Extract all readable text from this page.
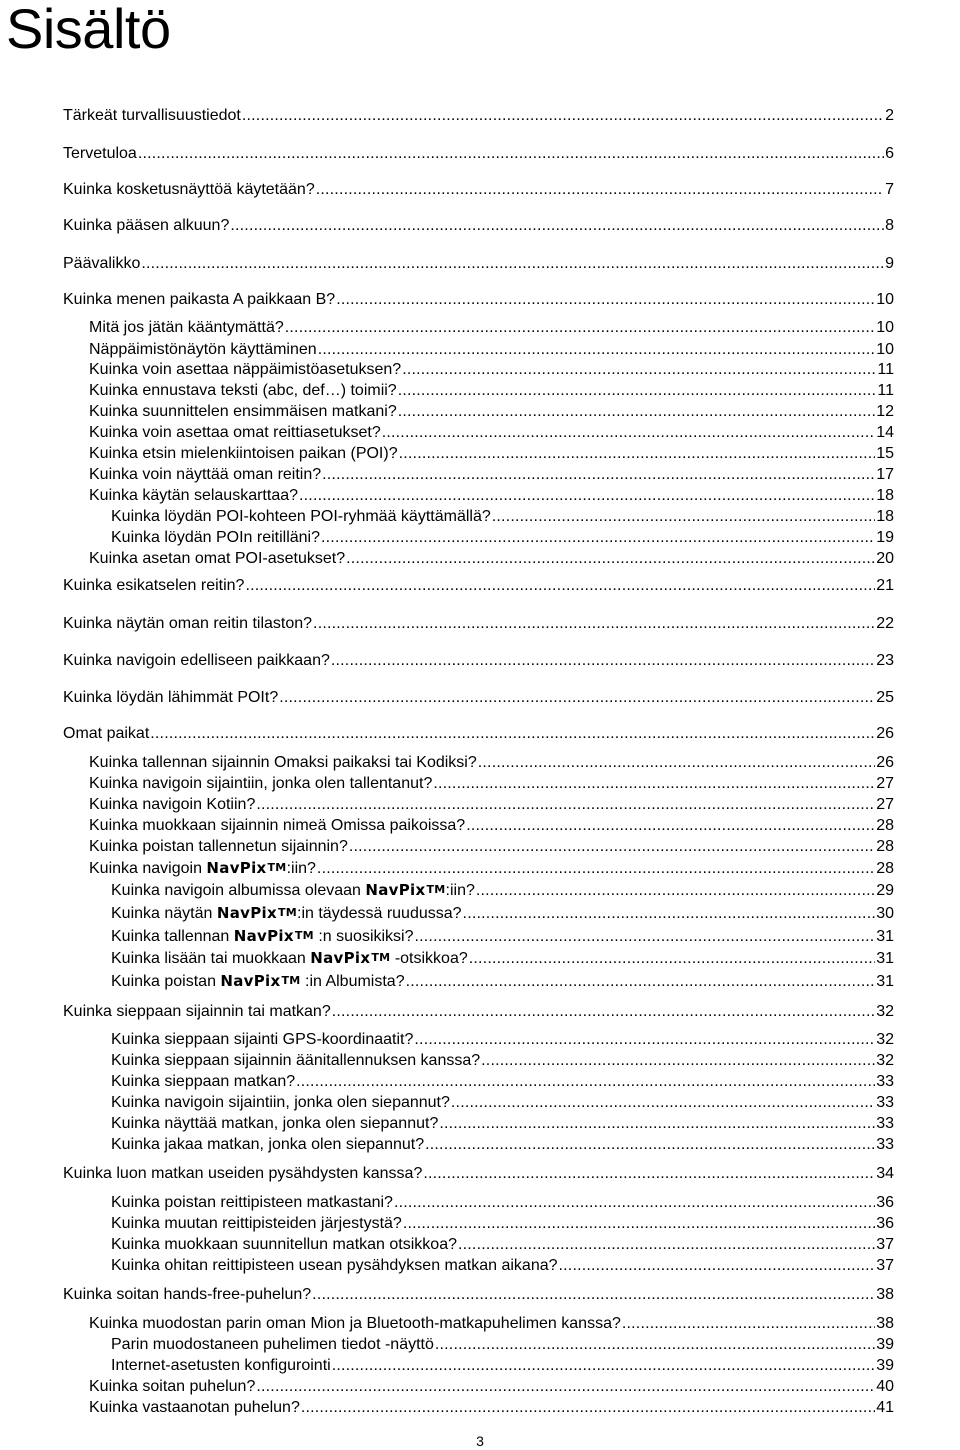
Sisältö
Tärkeät turvallisuustiedot .....	2
Tervetuloa .....	6
Kuinka kosketusnäyttöä käytetään? .....	7
Kuinka pääsen alkuun? .....	8
Päävalikko .....	9
Kuinka menen paikasta A paikkaan B? .....	10
Mitä jos jätän kääntymättä? .....	10
Näppäimistönäytön käyttäminen .....	10
Kuinka voin asettaa näppäimistöasetuksen? .....	11
Kuinka ennustava teksti (abc, def…) toimii? .....	11
Kuinka suunnittelen ensimmäisen matkani? .....	12
Kuinka voin asettaa omat reittiasetukset? .....	14
Kuinka etsin mielenkiintoisen paikan (POI)? .....	15
Kuinka voin näyttää oman reitin? .....	17
Kuinka käytän selauskarttaa? .....	18
Kuinka löydän POI-kohteen POI-ryhmää käyttämällä? .....	18
Kuinka löydän POIn reitilläni? .....	19
Kuinka asetan omat POI-asetukset? .....	20
Kuinka esikatselen reitin? .....	21
Kuinka näytän oman reitin tilaston? .....	22
Kuinka navigoin edelliseen paikkaan? .....	23
Kuinka löydän lähimmät POIt? .....	25
Omat paikat .....	26
Kuinka tallennan sijainnin Omaksi paikaksi tai Kodiksi? .....	26
Kuinka navigoin sijaintiin, jonka olen tallentanut? .....	27
Kuinka navigoin Kotiin? .....	27
Kuinka muokkaan sijainnin nimeä Omissa paikoissa? .....	28
Kuinka poistan tallennetun sijainnin? .....	28
Kuinka navigoin NavPix™:iin? .....	28
Kuinka navigoin albumissa olevaan NavPix™:iin? .....	29
Kuinka näytän NavPix™:in täydessä ruudussa? .....	30
Kuinka tallennan NavPix™ :n suosikiksi? .....	31
Kuinka lisään tai muokkaan NavPix™ -otsikkoa? .....	31
Kuinka poistan NavPix™ :in Albumista? .....	31
Kuinka sieppaan sijainnin tai matkan? .....	32
Kuinka sieppaan sijainti GPS-koordinaatit? .....	32
Kuinka sieppaan sijainnin äänitallennuksen kanssa? .....	32
Kuinka sieppaan matkan? .....	33
Kuinka navigoin sijaintiin, jonka olen siepannut? .....	33
Kuinka näyttää matkan, jonka olen siepannut? .....	33
Kuinka jakaa matkan, jonka olen siepannut? .....	33
Kuinka luon matkan useiden pysähdysten kanssa? .....	34
Kuinka poistan reittipisteen matkastani? .....	36
Kuinka muutan reittipisteiden järjestystä? .....	36
Kuinka muokkaan suunnitellun matkan otsikkoa? .....	37
Kuinka ohitan reittipisteen usean pysähdyksen matkan aikana? .....	37
Kuinka soitan hands-free-puhelun? .....	38
Kuinka muodostan parin oman Mion ja Bluetooth-matkapuhelimen kanssa? .....	38
Parin muodostaneen puhelimen tiedot -näyttö .....	39
Internet-asetusten konfigurointi .....	39
Kuinka soitan puhelun? .....	40
Kuinka vastaanotan puhelun? .....	41
3
